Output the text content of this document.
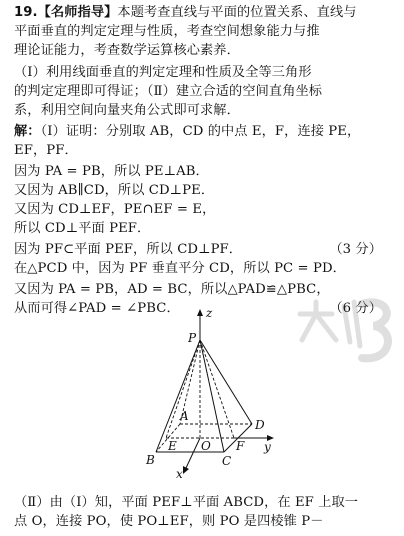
19.【名师指导】本题考查直线与平面的位置关系、直线与
平面垂直的判定定理与性质，考查空间想象能力与推
理论证能力，考查数学运算核心素养．
（Ⅰ）利用线面垂直的判定定理和性质及全等三角形
的判定定理即可得证；（Ⅱ）建立合适的空间直角坐标
系，利用空间向量夹角公式即可求解．
解：（Ⅰ）证明：分别取 AB，CD 的中点 E，F，连接 PE，
EF，PF．
因为 PA = PB，所以 PE⊥AB．
又因为 AB∥CD，所以 CD⊥PE．
又因为 CD⊥EF，PE∩EF = E，
所以 CD⊥平面 PEF．
因为 PF⊂平面 PEF，所以 CD⊥PF．	（3 分）
在△PCD 中，因为 PF 垂直平分 CD，所以 PC = PD．
又因为 PA = PB，AD = BC，所以△PAD≌△PBC，
从而可得∠PAD = ∠PBC．	（6 分）
z
P
y
x
A
D
B
E O F
C
（Ⅱ）由（Ⅰ）知，平面 PEF⊥平面 ABCD，在 EF 上取一
点 O，连接 PO，使 PO⊥EF，则 PO 是四棱锥 P－
